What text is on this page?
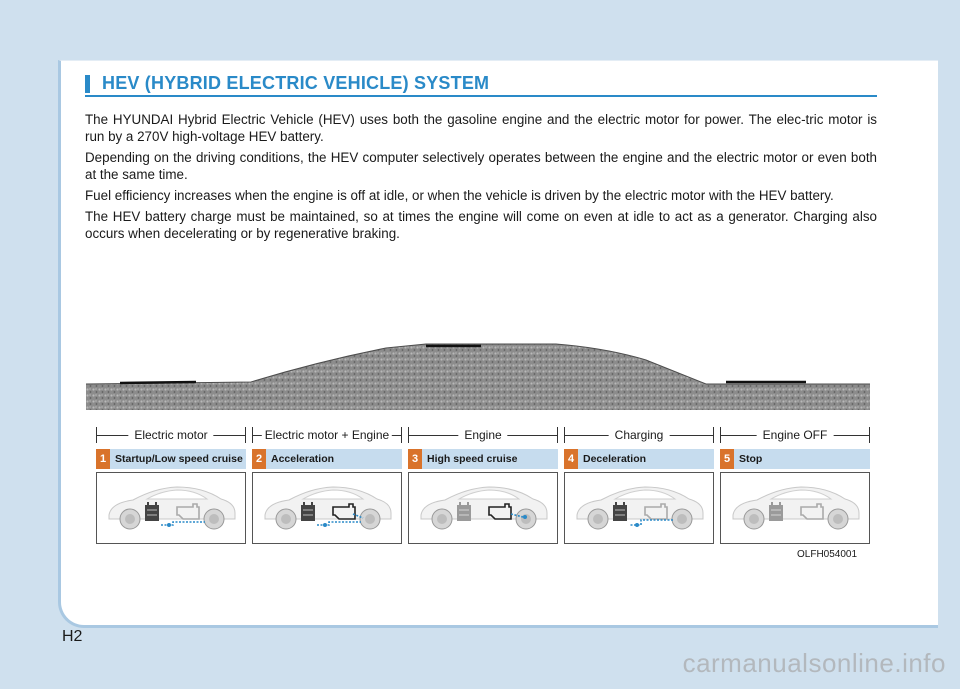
HEV (HYBRID ELECTRIC VEHICLE) SYSTEM

The HYUNDAI Hybrid Electric Vehicle (HEV) uses both the gasoline engine and the electric motor for power. The elec-tric motor is run by a 270V high-voltage HEV battery.

Depending on the driving conditions, the HEV computer selectively operates between the engine and the electric motor or even both at the same time.

Fuel efficiency increases when the engine is off at idle, or when the vehicle is driven by the electric motor with the HEV battery.

The HEV battery charge must be maintained, so at times the engine will come on even at idle to act as a generator. Charging also occurs when decelerating or by regenerative braking.

Electric motor	Electric motor + Engine	Engine	Charging	Engine OFF
1 Startup/Low speed cruise	2 Acceleration	3 High speed cruise	4 Deceleration	5 Stop
OLFH054001
H2
carmanualsonline.info
